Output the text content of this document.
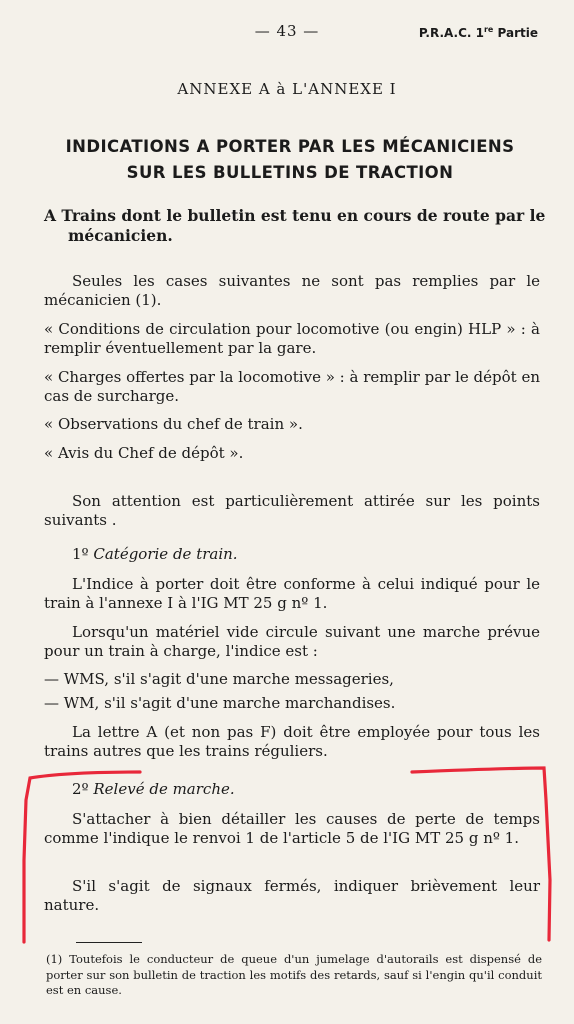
— 43 —	P.R.A.C. 1re Partie

ANNEXE A à L'ANNEXE I

INDICATIONS A PORTER PAR LES MÉCANICIENS
SUR LES BULLETINS DE TRACTION

A Trains dont le bulletin est tenu en cours de route par le mécanicien.

Seules les cases suivantes ne sont pas remplies par le mécanicien (1).

« Conditions de circulation pour locomotive (ou engin) HLP » : à remplir éventuellement par la gare.

« Charges offertes par la locomotive » : à remplir par le dépôt en cas de surcharge.

« Observations du chef de train ».

« Avis du Chef de dépôt ».

Son attention est particulièrement attirée sur les points suivants .

1º Catégorie de train.

L'Indice à porter doit être conforme à celui indiqué pour le train à l'annexe I à l'IG MT 25 g nº 1.

Lorsqu'un matériel vide circule suivant une marche prévue pour un train à charge, l'indice est :

— WMS, s'il s'agit d'une marche messageries,

— WM, s'il s'agit d'une marche marchandises.

La lettre A (et non pas F) doit être employée pour tous les trains autres que les trains réguliers.

2º Relevé de marche.

S'attacher à bien détailler les causes de perte de temps comme l'indique le renvoi 1 de l'article 5 de l'IG MT 25 g nº 1.

S'il s'agit de signaux fermés, indiquer brièvement leur nature.

(1) Toutefois le conducteur de queue d'un jumelage d'autorails est dispensé de porter sur son bulletin de traction les motifs des retards, sauf si l'engin qu'il conduit est en cause.
